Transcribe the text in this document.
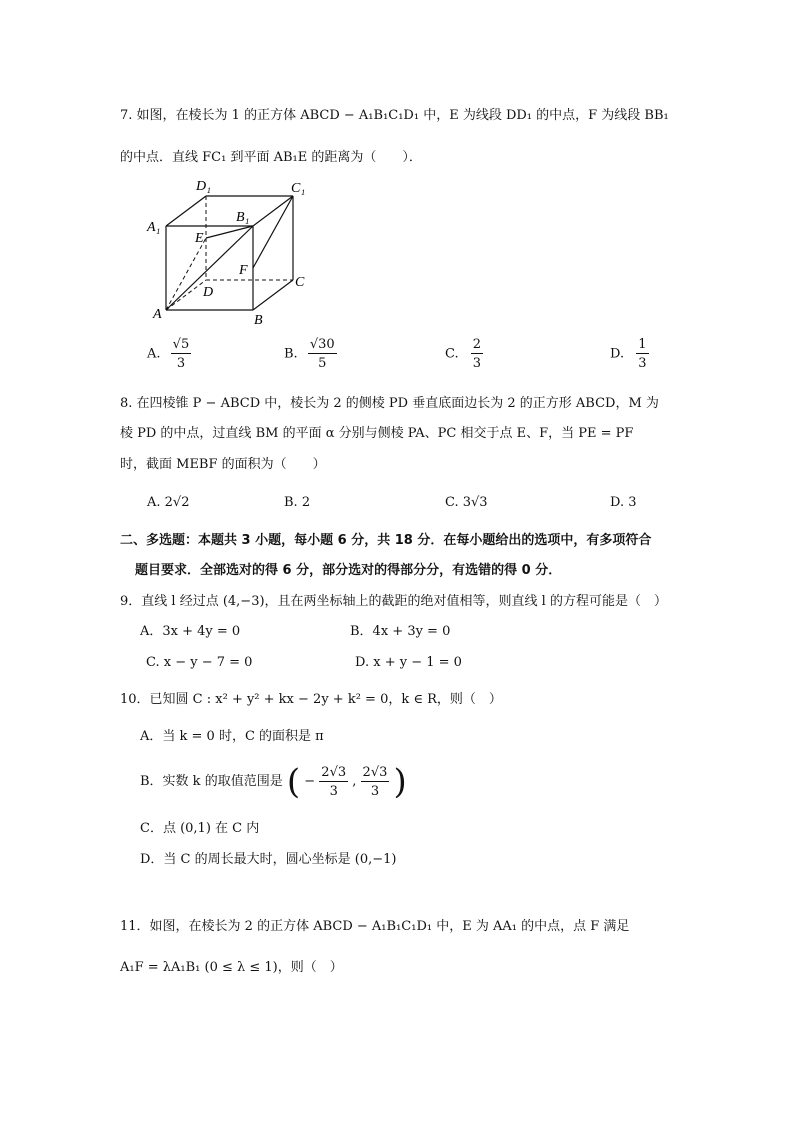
7. 如图，在棱长为 1 的正方体 ABCD − A₁B₁C₁D₁ 中，E 为线段 DD₁ 的中点，F 为线段 BB₁
的中点．直线 FC₁ 到平面 AB₁E 的距离为（　　）．
D₁	C₁
A₁
B₁
E
F
D
C
A	B
A. $\frac{√5}{3}$	B. $\frac{√30}{5}$	C. $\frac{2}{3}$	D. $\frac{1}{3}$
8. 在四棱锥 P − ABCD 中，棱长为 2 的侧棱 PD 垂直底面边长为 2 的正方形 ABCD，M 为
棱 PD 的中点，过直线 BM 的平面 α 分别与侧棱 PA、PC 相交于点 E、F，当 PE = PF
时，截面 MEBF 的面积为（　　）
A. 2√2	B. 2	C. 3√3	D. 3
二、多选题：本题共 3 小题，每小题 6 分，共 18 分．在每小题给出的选项中，有多项符合
题目要求．全部选对的得 6 分，部分选对的得部分分，有选错的得 0 分．
9．直线 l 经过点 (4,−3)，且在两坐标轴上的截距的绝对值相等，则直线 l 的方程可能是（　）
A．3x + 4y = 0	B．4x + 3y = 0
C. x − y − 7 = 0	D. x + y − 1 = 0
10．已知圆 C : x² + y² + kx − 2y + k² = 0，k ∈ R，则（　）
A．当 k = 0 时，C 的面积是 π
B．实数 k 的取值范围是 ( − $\frac{2√3}{3}$ , $\frac{2√3}{3}$ )
C．点 (0,1) 在 C 内
D．当 C 的周长最大时，圆心坐标是 (0,−1)
11．如图，在棱长为 2 的正方体 ABCD − A₁B₁C₁D₁ 中，E 为 AA₁ 的中点，点 F 满足
A₁F = λA₁B₁ (0 ≤ λ ≤ 1)，则（　）
